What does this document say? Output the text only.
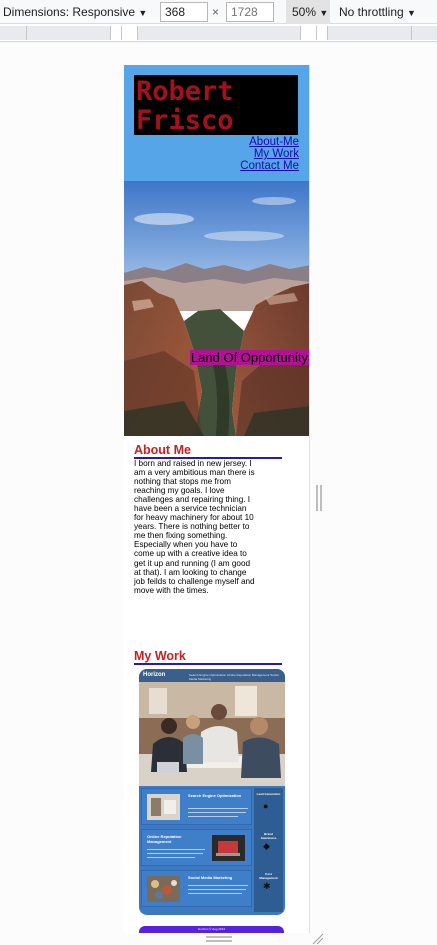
Dimensions: Responsive ▼
368	×
1728	50% ▼ No throttling ▼
Robert Frisco
About-Me
My Work
Contact Me
Land Of Opportunity
About Me

I born and raised in new jersey. I am a very ambitious man there is nothing that stops me from reaching my goals. I love challenges and repairing thing. I have been a service technician for heavy machinery for about 10 years. There is nothing better to me then fixing something. Especially when you have to come up with a creative idea to get it up and running (I am good at that). I am looking to change job feilds to challenge myself and move with the times.

My Work
Horizon	Search Engine Optimization Online Reputation Management Social Media Marketing
Search Engine Optimization
Online Reputation Management
Social Media Marketing
Lead Generation
●
Brand Awareness
◆
Cost Management
✱
Horizon © Aug 2014
